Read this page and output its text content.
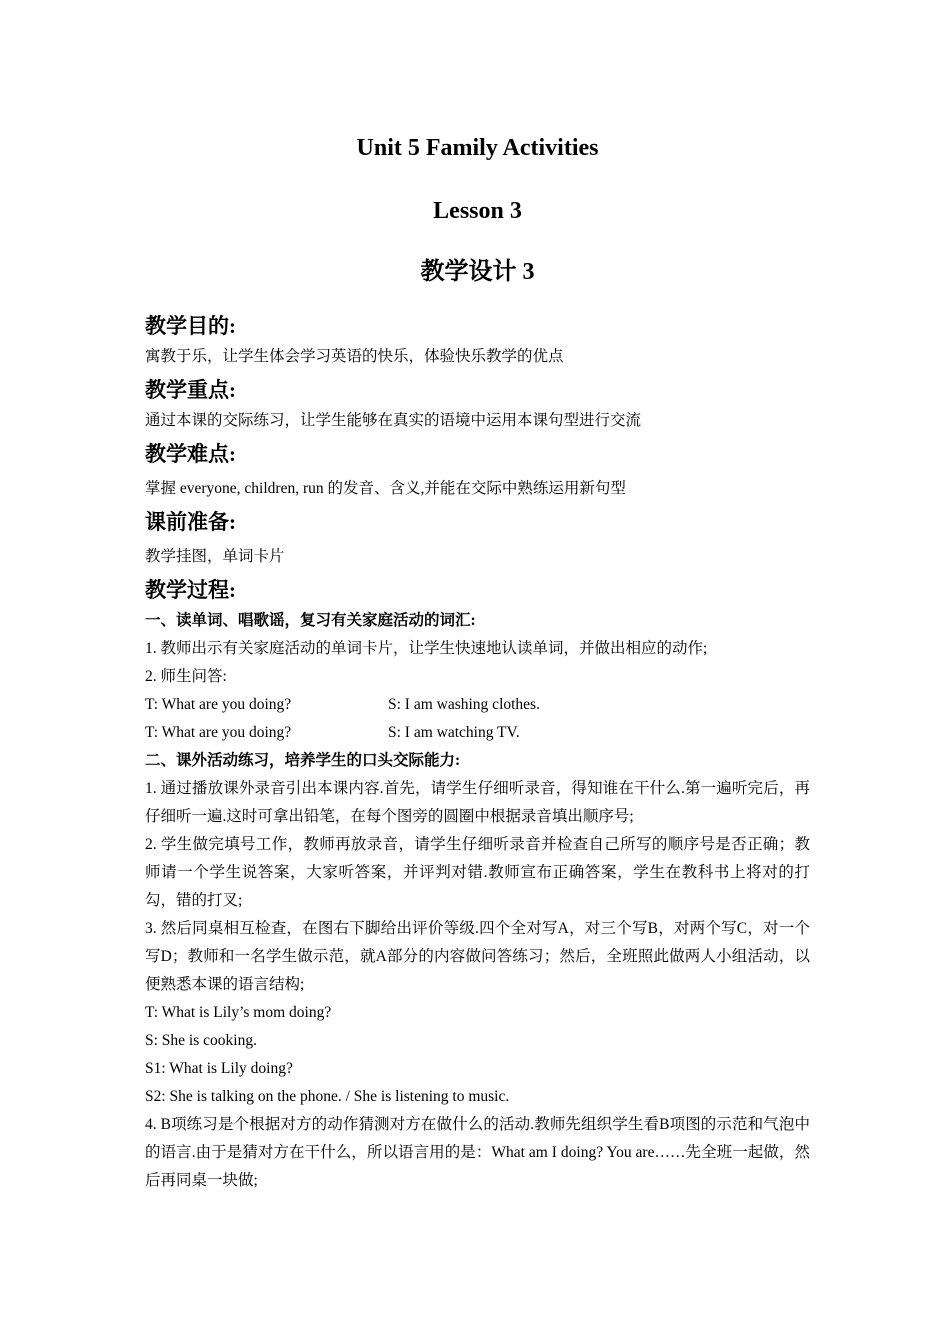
Unit 5 Family Activities
Lesson 3
教学设计 3
教学目的:

寓教于乐，让学生体会学习英语的快乐，体验快乐教学的优点

教学重点:

通过本课的交际练习，让学生能够在真实的语境中运用本课句型进行交流

教学难点:

掌握 everyone, children, run 的发音、含义,并能在交际中熟练运用新句型

课前准备:

教学挂图，单词卡片

教学过程:

一、读单词、唱歌谣，复习有关家庭活动的词汇:

1. 教师出示有关家庭活动的单词卡片，让学生快速地认读单词，并做出相应的动作;

2. 师生问答:

T: What are you doing?	S: I am washing clothes.
T: What are you doing?	S: I am watching TV.

二、课外活动练习，培养学生的口头交际能力:

1. 通过播放课外录音引出本课内容.首先，请学生仔细听录音，得知谁在干什么.第一遍听完后，再仔细听一遍.这时可拿出铅笔，在每个图旁的圆圈中根据录音填出顺序号;

2. 学生做完填号工作，教师再放录音，请学生仔细听录音并检查自己所写的顺序号是否正确；教师请一个学生说答案，大家听答案，并评判对错.教师宣布正确答案，学生在教科书上将对的打勾，错的打叉;

3. 然后同桌相互检查，在图右下脚给出评价等级.四个全对写A，对三个写B，对两个写C，对一个写D；教师和一名学生做示范，就A部分的内容做问答练习；然后，全班照此做两人小组活动，以便熟悉本课的语言结构;

T: What is Lily’s mom doing?

S: She is cooking.

S1: What is Lily doing?

S2: She is talking on the phone. / She is listening to music.

4. B项练习是个根据对方的动作猜测对方在做什么的活动.教师先组织学生看B项图的示范和气泡中的语言.由于是猜对方在干什么，所以语言用的是：What am I doing? You are……先全班一起做，然后再同桌一块做;
